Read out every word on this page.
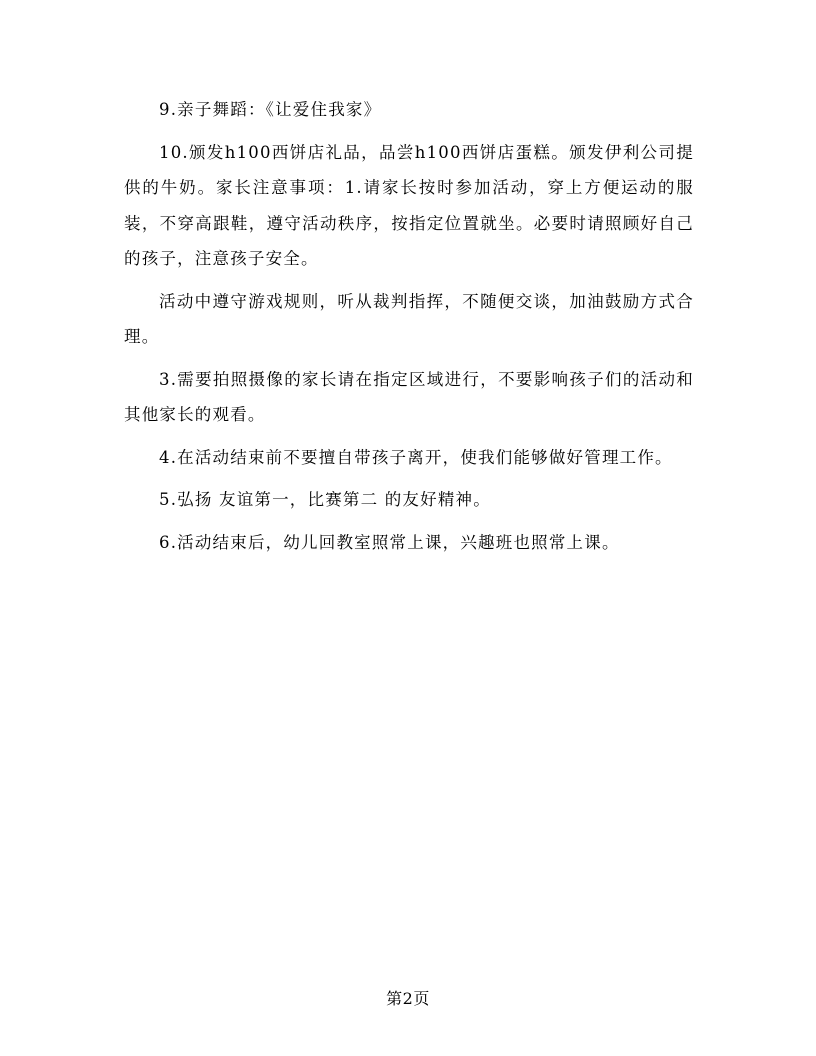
9.亲子舞蹈：《让爱住我家》

10.颁发h100西饼店礼品，品尝h100西饼店蛋糕。颁发伊利公司提供的牛奶。家长注意事项：1.请家长按时参加活动，穿上方便运动的服装，不穿高跟鞋，遵守活动秩序，按指定位置就坐。必要时请照顾好自己的孩子，注意孩子安全。

活动中遵守游戏规则，听从裁判指挥，不随便交谈，加油鼓励方式合理。

3.需要拍照摄像的家长请在指定区域进行，不要影响孩子们的活动和其他家长的观看。

4.在活动结束前不要擅自带孩子离开，使我们能够做好管理工作。

5.弘扬 友谊第一，比赛第二 的友好精神。

6.活动结束后，幼儿回教室照常上课，兴趣班也照常上课。

第2页
